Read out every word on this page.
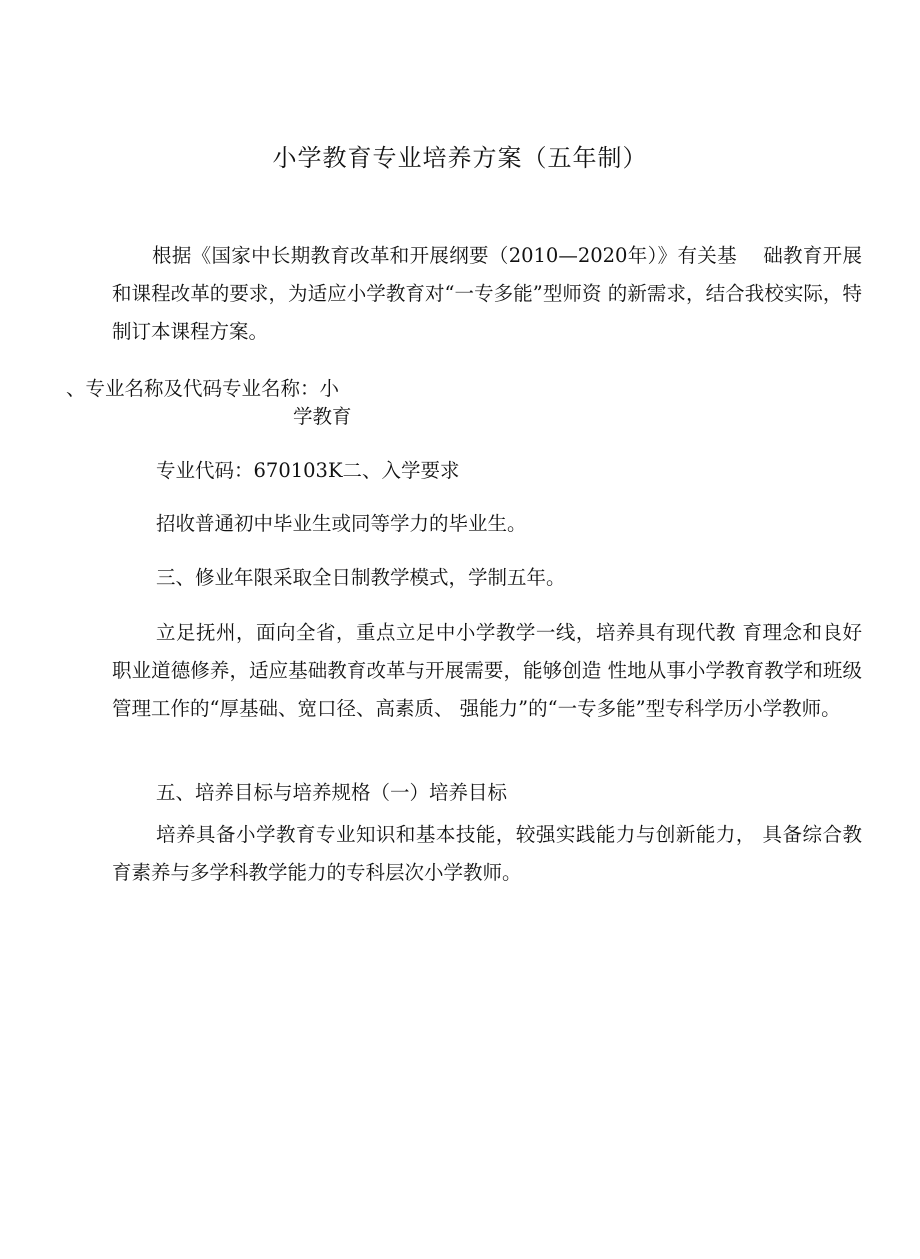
小学教育专业培养方案（五年制）
根据《国家中长期教育改革和开展纲要（2010—2020年）》有关基　 础教育开展和课程改革的要求，为适应小学教育对“一专多能”型师资 的新需求，结合我校实际，特制订本课程方案。
、专业名称及代码专业名称：小
学教育
专业代码：670103K二、入学要求
招收普通初中毕业生或同等学力的毕业生。
三、修业年限采取全日制教学模式，学制五年。
立足抚州，面向全省，重点立足中小学教学一线，培养具有现代教 育理念和良好职业道德修养，适应基础教育改革与开展需要，能够创造 性地从事小学教育教学和班级管理工作的“厚基础、宽口径、高素质、 强能力”的“一专多能”型专科学历小学教师。
五、培养目标与培养规格（一）培养目标
培养具备小学教育专业知识和基本技能，较强实践能力与创新能力， 具备综合教育素养与多学科教学能力的专科层次小学教师。
